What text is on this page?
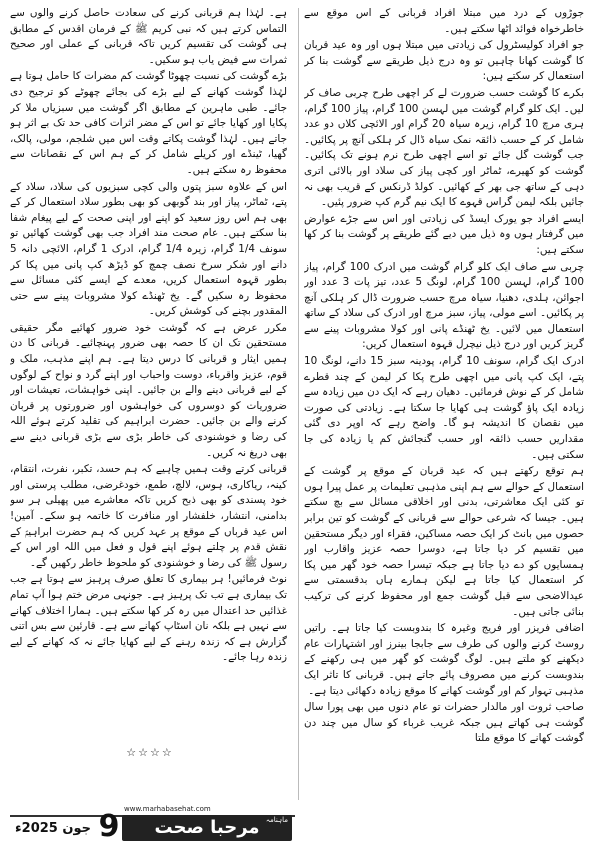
جوڑوں کے درد میں مبتلا افراد قربانی کے اس موقع سے خاطرخواہ فوائد اٹھا سکتے ہیں۔

جو افراد کولیسٹرول کی زیادتی میں مبتلا ہوں اور وہ عید قربان کا گوشت کھانا چاہیں تو وہ درج ذیل طریقے سے گوشت بنا کر استعمال کر سکتے ہیں:

بکرے کا گوشت حسب ضرورت لے کر اچھی طرح چربی صاف کر لیں۔ ایک کلو گرام گوشت میں لہسن 100 گرام، پیاز 100 گرام، ہری مرچ 10 گرام، زیرہ سیاہ 20 گرام اور الائچی کلاں دو عدد شامل کر کے حسب ذائقہ نمک سیاہ ڈال کر ہلکی آنچ پر پکائیں۔ جب گوشت گل جائے تو اسے اچھی طرح نرم ہونے تک پکائیں۔ گوشت کو کھیرے، ٹماٹر اور کچی پیاز کی سلاد اور بالائی اتری دہی کے ساتھ جی بھر کے کھائیں۔ کولڈ ڈرنکس کے قریب بھی نہ جائیں بلکہ لیمن گراس قہوے کا ایک نیم گرم کپ ضرور پئیں۔

ایسے افراد جو یورک ایسڈ کی زیادتی اور اس سے جڑے عوارض میں گرفتار ہوں وہ ذیل میں دیے گئے طریقے پر گوشت بنا کر کھا سکتے ہیں:

چربی سے صاف ایک کلو گرام گوشت میں ادرک 100 گرام، پیاز 100 گرام، لہسن 100 گرام، لونگ 5 عدد، تیز پات 3 عدد اور اجوائن، ہلدی، دھنیا، سیاہ مرچ حسب ضرورت ڈال کر ہلکی آنچ پر پکائیں۔ اسے مولی، پیاز، سبز مرچ اور ادرک کی سلاد کے ساتھ استعمال میں لائیں۔ یخ ٹھنڈے پانی اور کولا مشروبات پینے سے گریز کریں اور درج ذیل نیچرل قہوہ استعمال کریں:

ادرک ایک گرام، سونف 10 گرام، پودینہ سبز 15 دانے، لونگ 10 پتے، ایک کپ پانی میں اچھی طرح پکا کر لیمن کے چند قطرے شامل کر کے نوش فرمائیں۔ دھیان رہے کہ ایک دن میں زیادہ سے زیادہ ایک پاؤ گوشت ہی کھایا جا سکتا ہے۔ زیادتی کی صورت میں نقصان کا اندیشہ ہو گا۔ واضح رہے کہ اوپر دی گئی مقداریں حسب ذائقہ اور حسب گنجائش کم یا زیادہ کی جا سکتی ہیں۔

ہم توقع رکھتے ہیں کہ عید قربان کے موقع پر گوشت کے استعمال کے حوالے سے ہم اپنی مذہبی تعلیمات پر عمل پیرا ہوں تو کئی ایک معاشرتی، بدنی اور اخلاقی مسائل سے بچ سکتے ہیں۔ جیسا کہ شرعی حوالے سے قربانی کے گوشت کو تین برابر حصوں میں بانٹ کر ایک حصہ مساکین، فقراء اور دیگر مستحقین میں تقسیم کر دیا جاتا ہے، دوسرا حصہ عزیز واقارب اور ہمسایوں کو دے دیا جاتا ہے جبکہ تیسرا حصہ خود گھر میں پکا کر استعمال کیا جاتا ہے لیکن ہمارے ہاں بدقسمتی سے عیدالاضحی سے قبل گوشت جمع اور محفوظ کرنے کی ترکیب بنائی جاتی ہیں۔

اضافی فریزر اور فریج وغیرہ کا بندوبست کیا جاتا ہے۔ راتیں روسٹ کرنے والوں کی طرف سے جابجا بینرز اور اشتہارات عام دیکھنے کو ملتے ہیں۔ لوگ گوشت کو گھر میں ہی رکھنے کے بندوبست کرنے میں مصروف پائے جاتے ہیں۔ قربانی کا تاثر ایک مذہبی تہوار کم اور گوشت کھانے کا موقع زیادہ دکھائی دیتا ہے۔

صاحب ثروت اور مالدار حضرات تو عام دنوں میں بھی پورا سال گوشت ہی کھاتے ہیں جبکہ غریب غرباء کو سال میں چند دن گوشت کھانے کا موقع ملتا

ہے۔ لہٰذا ہم قربانی کرنے کی سعادت حاصل کرنے والوں سے التماس کرتے ہیں کہ نبی کریم ﷺ کے فرمان اقدس کے مطابق ہی گوشت کی تقسیم کریں تاکہ قربانی کے عملی اور صحیح ثمرات سے فیض یاب ہو سکیں۔

بڑے گوشت کی نسبت چھوٹا گوشت کم مضرات کا حامل ہوتا ہے لہٰذا گوشت کھانے کے لیے بڑے کی بجائے چھوٹے کو ترجیح دی جائے۔ طبی ماہرین کے مطابق اگر گوشت میں سبزیاں ملا کر پکایا اور کھایا جائے تو اس کے مضر اثرات کافی حد تک بے اثر ہو جاتے ہیں۔ لہٰذا گوشت پکاتے وقت اس میں شلجم، مولی، پالک، گھیا، ٹینڈے اور کریلے شامل کر کے ہم اس کے نقصانات سے محفوظ رہ سکتے ہیں۔

اس کے علاوہ سبز پتوں والی کچی سبزیوں کی سلاد، سلاد کے پتے، ٹماٹر، پیاز اور بند گوبھی کو بھی بطور سلاد استعمال کر کے بھی ہم اس روز سعید کو اپنے اور اپنی صحت کے لیے پیغام شفا بنا سکتے ہیں۔ عام صحت مند افراد جب بھی گوشت کھائیں تو سونف 1/4 گرام، زیرہ 1/4 گرام، ادرک 1 گرام، الائچی دانہ 5 دانے اور شکر سرخ نصف چمچ کو ڈیڑھ کپ پانی میں پکا کر بطور قہوہ استعمال کریں، معدے کے ایسے کئی مسائل سے محفوظ رہ سکیں گے۔ یخ ٹھنڈے کولا مشروبات پینے سے حتی المقدور بچنے کی کوشش کریں۔

مکرر عرض ہے کہ گوشت خود ضرور کھائیے مگر حقیقی مستحقین تک ان کا حصہ بھی ضرور پہنچائیے۔ قربانی کا دن ہمیں ایثار و قربانی کا درس دیتا ہے۔ ہم اپنے مذہب، ملک و قوم، عزیز واقرباء، دوست واحباب اور اپنے گرد و نواح کے لوگوں کے لیے قربانی دینے والے بن جائیں۔ اپنی خواہشات، تعیشات اور ضروریات کو دوسروں کی خواہشوں اور ضرورتوں پر قربان کرنے والے بن جائیں۔ حضرت ابراہیم کی تقلید کرتے ہوئے اللہ کی رضا و خوشنودی کی خاطر بڑی سے بڑی قربانی دینے سے بھی دریغ نہ کریں۔

قربانی کرتے وقت ہمیں چاہیے کہ ہم حسد، تکبر، نفرت، انتقام، کینہ، ریاکاری، ہوس، لالچ، طمع، خودغرضی، مطلب پرستی اور خود پسندی کو بھی ذبح کریں تاکہ معاشرے میں پھیلی ہر سو بدامنی، انتشار، خلفشار اور منافرت کا خاتمہ ہو سکے۔ آمین! اس عید قرباں کے موقع پر عہد کریں کہ ہم حضرت ابراہیمؑ کے نقش قدم پر چلتے ہوئے اپنے قول و فعل میں اللہ اور اس کے رسول ﷺ کی رضا و خوشنودی کو ملحوظ خاطر رکھیں گے۔

نوٹ فرمائیں! ہر بیماری کا تعلق صرف پرہیز سے ہوتا ہے جب تک بیماری ہے تب تک پرہیز ہے۔ جونہی مرض ختم ہوا آپ تمام غذائیں حد اعتدال میں رہ کر کھا سکتے ہیں۔ ہمارا اختلاف کھانے سے نہیں ہے بلکہ نان اسٹاپ کھانے سے ہے۔ قارئین سے بس اتنی گزارش ہے کہ زندہ رہنے کے لیے کھایا جائے نہ کہ کھانے کے لیے زندہ رہا جائے۔

☆☆☆☆
www.marhabasehat.com
ماہنامہ
مرحبا صحت
9
جون 2025ء
